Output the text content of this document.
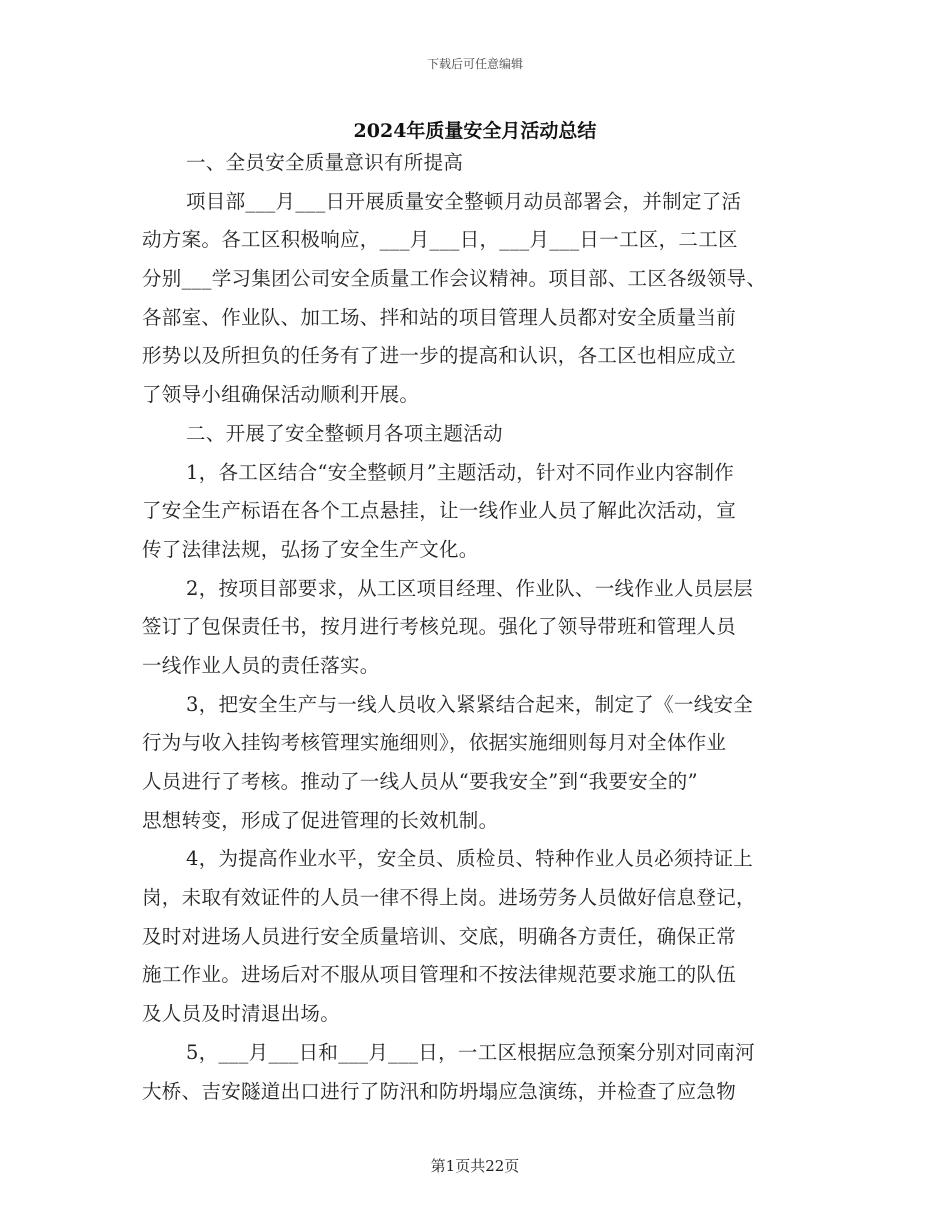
下载后可任意编辑
2024年质量安全月活动总结
一、全员安全质量意识有所提高
项目部___月___日开展质量安全整顿月动员部署会，并制定了活
动方案。各工区积极响应，___月___日，___月___日一工区，二工区
分别___学习集团公司安全质量工作会议精神。项目部、工区各级领导、
各部室、作业队、加工场、拌和站的项目管理人员都对安全质量当前
形势以及所担负的任务有了进一步的提高和认识，各工区也相应成立
了领导小组确保活动顺利开展。
二、开展了安全整顿月各项主题活动
1，各工区结合“安全整顿月”主题活动，针对不同作业内容制作
了安全生产标语在各个工点悬挂，让一线作业人员了解此次活动，宣
传了法律法规，弘扬了安全生产文化。
2，按项目部要求，从工区项目经理、作业队、一线作业人员层层
签订了包保责任书，按月进行考核兑现。强化了领导带班和管理人员
一线作业人员的责任落实。
3，把安全生产与一线人员收入紧紧结合起来，制定了《一线安全
行为与收入挂钩考核管理实施细则》，依据实施细则每月对全体作业
人员进行了考核。推动了一线人员从“要我安全”到“我要安全的”
思想转变，形成了促进管理的长效机制。
4，为提高作业水平，安全员、质检员、特种作业人员必须持证上
岗，未取有效证件的人员一律不得上岗。进场劳务人员做好信息登记，
及时对进场人员进行安全质量培训、交底，明确各方责任，确保正常
施工作业。进场后对不服从项目管理和不按法律规范要求施工的队伍
及人员及时清退出场。
5，___月___日和___月___日，一工区根据应急预案分别对同南河
大桥、吉安隧道出口进行了防汛和防坍塌应急演练，并检查了应急物
第1页共22页
